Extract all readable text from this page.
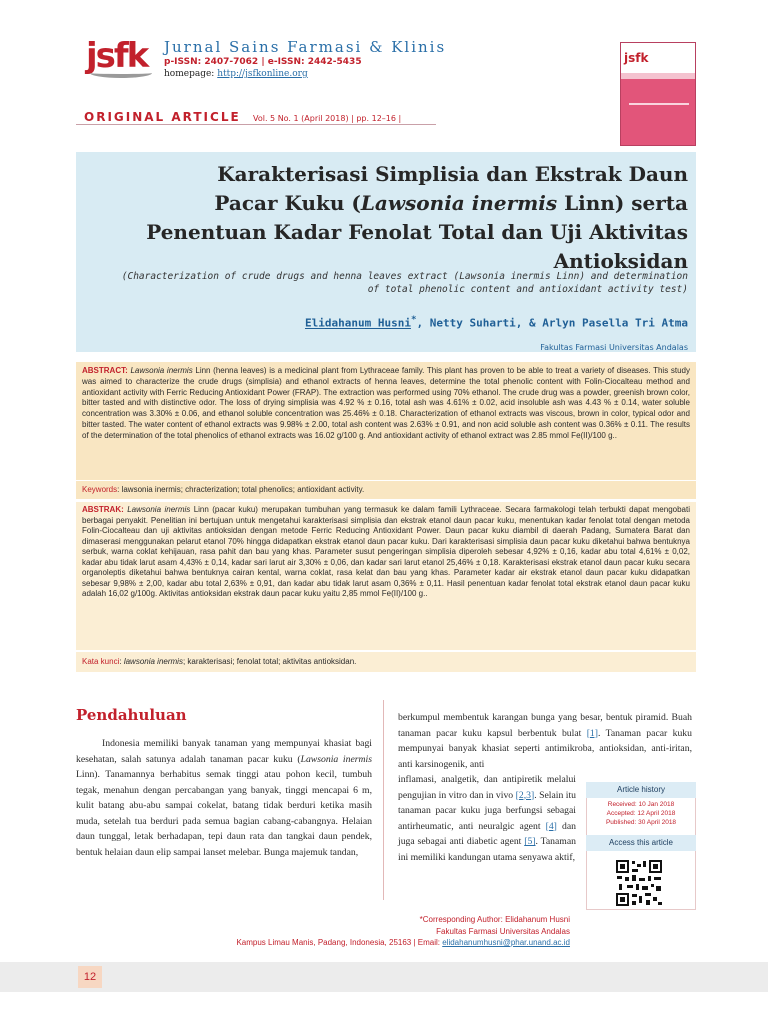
jsfk Jurnal Sains Farmasi & Klinis
p-ISSN: 2407-7062 | e-ISSN: 2442-5435
homepage: http://jsfkonline.org
jsfk
ORIGINAL ARTICLE Vol. 5 No. 1 (April 2018) | pp. 12–16 |
Karakterisasi Simplisia dan Ekstrak Daun
Pacar Kuku (Lawsonia inermis Linn) serta
Penentuan Kadar Fenolat Total dan Uji Aktivitas
Antioksidan
(Characterization of crude drugs and henna leaves extract (Lawsonia inermis Linn) and determination of total phenolic content and antioxidant activity test)
Elidahanum Husni*, Netty Suharti, & Arlyn Pasella Tri Atma
Fakultas Farmasi Universitas Andalas
ABSTRACT: Lawsonia inermis Linn (henna leaves) is a medicinal plant from Lythraceae family. This plant has proven to be able to treat a variety of diseases. This study was aimed to characterize the crude drugs (simplisia) and ethanol extracts of henna leaves, determine the total phenolic content with Folin-Ciocalteau method and antioxidant activity with Ferric Reducing Antioxidant Power (FRAP). The extraction was performed using 70% ethanol. The crude drug was a powder, greenish brown color, bitter tasted and with distinctive odor. The loss of drying simplisia was 4.92 % ± 0.16, total ash was 4.61% ± 0.02, acid insoluble ash was 4.43 % ± 0.14, water soluble concentration was 3.30% ± 0.06, and ethanol soluble concentration was 25.46% ± 0.18. Characterization of ethanol extracts was viscous, brown in color, typical odor and bitter tasted. The water content of ethanol extracts was 9.98% ± 2.00, total ash content was 2.63% ± 0.91, and non acid soluble ash content was 0.36% ± 0.11. The results of the determination of the total phenolics of ethanol extracts was 16.02 g/100 g. And antioxidant activity of ethanol extract was 2.85 mmol Fe(II)/100 g..
Keywords: lawsonia inermis; chracterization; total phenolics; antioxidant activity.
ABSTRAK: Lawsonia inermis Linn (pacar kuku) merupakan tumbuhan yang termasuk ke dalam famili Lythraceae. Secara farmakologi telah terbukti dapat mengobati berbagai penyakit. Penelitian ini bertujuan untuk mengetahui karakterisasi simplisia dan ekstrak etanol daun pacar kuku, menentukan kadar fenolat total dengan metoda Folin-Ciocalteau dan uji aktivitas antioksidan dengan metode Ferric Reducing Antioxidant Power. Daun pacar kuku diambil di daerah Padang, Sumatera Barat dan dimaserasi menggunakan pelarut etanol 70% hingga didapatkan ekstrak etanol daun pacar kuku. Dari karakterisasi simplisia daun pacar kuku diketahui bahwa bentuknya serbuk, warna coklat kehijauan, rasa pahit dan bau yang khas. Parameter susut pengeringan simplisia diperoleh sebesar 4,92% ± 0,16, kadar abu total 4,61% ± 0,02, kadar abu tidak larut asam 4,43% ± 0,14, kadar sari larut air 3,30% ± 0,06, dan kadar sari larut etanol 25,46% ± 0,18. Karakterisasi ekstrak etanol daun pacar kuku secara organoleptis diketahui bahwa bentuknya cairan kental, warna coklat, rasa kelat dan bau yang khas. Parameter kadar air ekstrak etanol daun pacar kuku didapatkan sebesar 9,98% ± 2,00, kadar abu total 2,63% ± 0,91, dan kadar abu tidak larut asam 0,36% ± 0,11. Hasil penentuan kadar fenolat total ekstrak etanol daun pacar kuku adalah 16,02 g/100g. Aktivitas antioksidan ekstrak daun pacar kuku yaitu 2,85 mmol Fe(II)/100 g..
Kata kunci: lawsonia inermis; karakterisasi; fenolat total; aktivitas antioksidan.
Pendahuluan

Indonesia memiliki banyak tanaman yang mempunyai khasiat bagi kesehatan, salah satunya adalah tanaman pacar kuku (Lawsonia inermis Linn). Tanamannya berhabitus semak tinggi atau pohon kecil, tumbuh tegak, menahun dengan percabangan yang banyak, tinggi mencapai 6 m, kulit batang abu-abu sampai cokelat, batang tidak berduri ketika masih muda, setelah tua berduri pada semua bagian cabang-cabangnya. Helaian daun tunggal, letak berhadapan, tepi daun rata dan tangkai daun pendek, bentuk helaian daun elip sampai lanset melebar. Bunga majemuk tandan,

berkumpul membentuk karangan bunga yang besar, bentuk piramid. Buah tanaman pacar kuku kapsul berbentuk bulat [1]. Tanaman pacar kuku mempunyai banyak khasiat seperti antimikroba, antioksidan, anti-iritan, anti karsinogenik, anti
inflamasi, analgetik, dan antipiretik melalui pengujian in vitro dan in vivo [2,3]. Selain itu tanaman pacar kuku juga berfungsi sebagai antirheumatic, anti neuralgic agent [4] dan juga sebagai anti diabetic agent [5]. Tanaman ini memiliki kandungan utama senyawa aktif,
Article history
Received: 10 Jan 2018
Accepted: 12 April 2018
Published: 30 April 2018
Access this article
*Corresponding Author: Elidahanum Husni
Fakultas Farmasi Universitas Andalas
Kampus Limau Manis, Padang, Indonesia, 25163 | Email: elidahanumhusni@phar.unand.ac.id
12
